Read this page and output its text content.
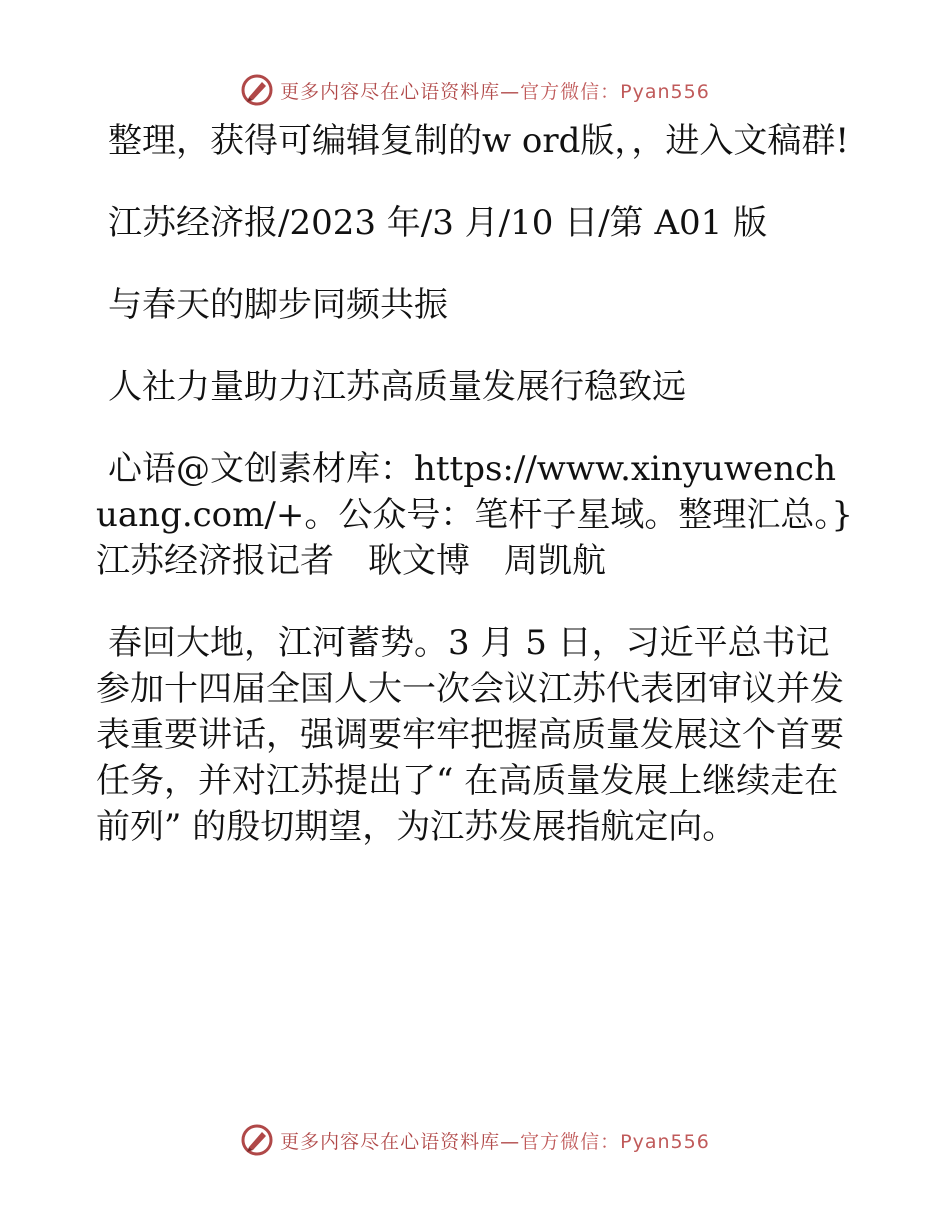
更多内容尽在心语资料库—官方微信：Pyan556

整理，获得可编辑复制的w ord版，，进入文稿群!

江苏经济报/2023 年/3 月/10 日/第 A01 版

与春天的脚步同频共振

人社力量助力江苏高质量发展行稳致远

心语@文创素材库：https://www.xinyuwenchuang.com/+。公众号：笔杆子星域。整理汇总。}江苏经济报记者　耿文博　周凯航

春回大地，江河蓄势。3 月 5 日，习近平总书记参加十四届全国人大一次会议江苏代表团审议并发表重要讲话，强调要牢牢把握高质量发展这个首要任务，并对江苏提出了“ 在高质量发展上继续走在前列” 的殷切期望，为江苏发展指航定向。

更多内容尽在心语资料库—官方微信：Pyan556
